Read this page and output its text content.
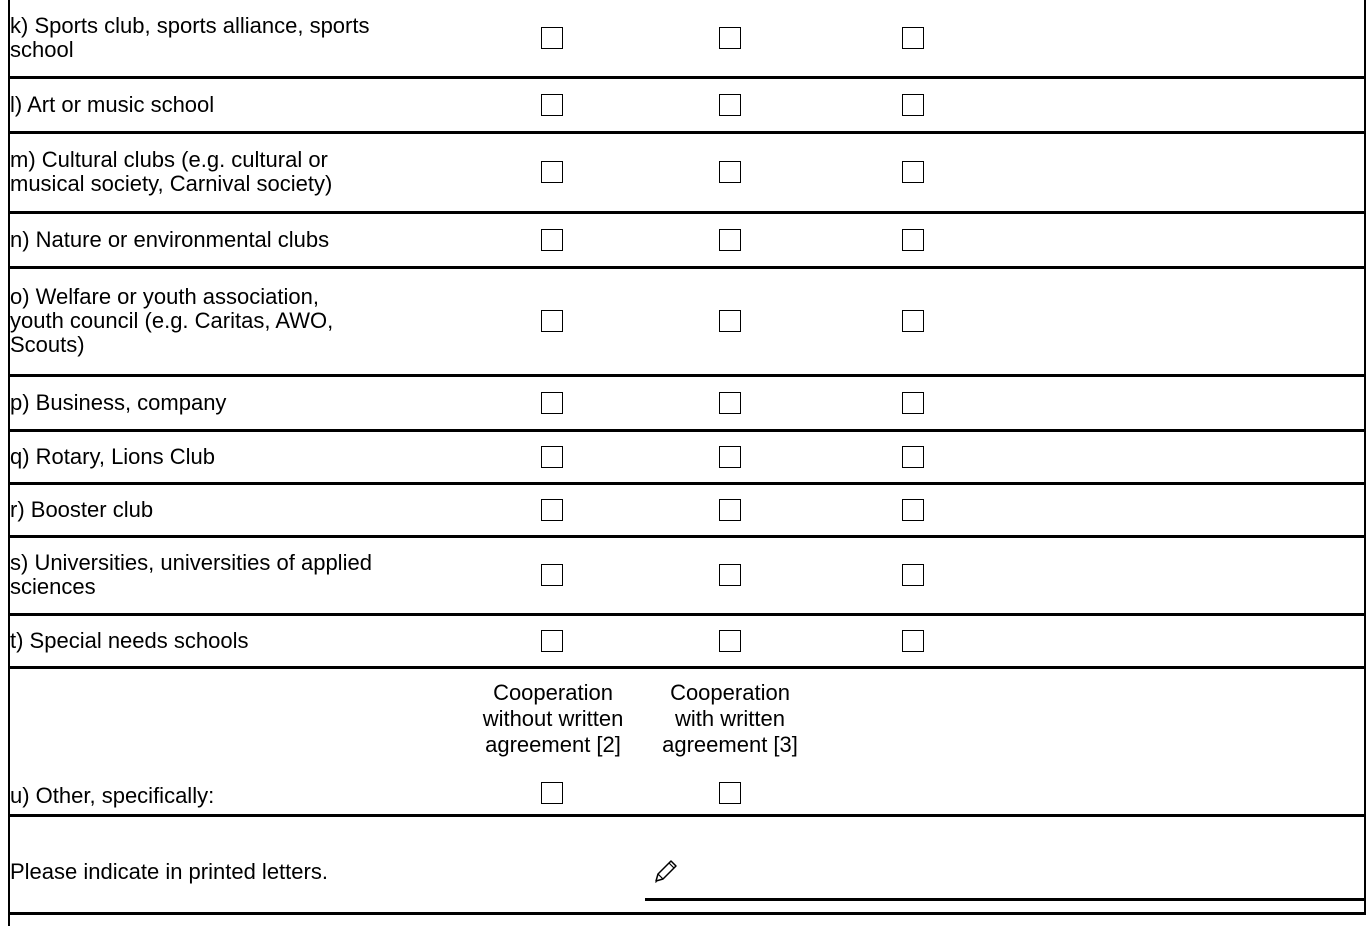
k) Sports club, sports alliance, sports
school
l) Art or music school
m) Cultural clubs (e.g. cultural or
musical society, Carnival society)
n) Nature or environmental clubs
o) Welfare or youth association,
youth council (e.g. Caritas, AWO,
Scouts)
p) Business, company
q) Rotary, Lions Club
r) Booster club
s) Universities, universities of applied
sciences
t) Special needs schools
Cooperation
without written
agreement [2]
Cooperation
with written
agreement [3]
u) Other, specifically:
Please indicate in printed letters.
